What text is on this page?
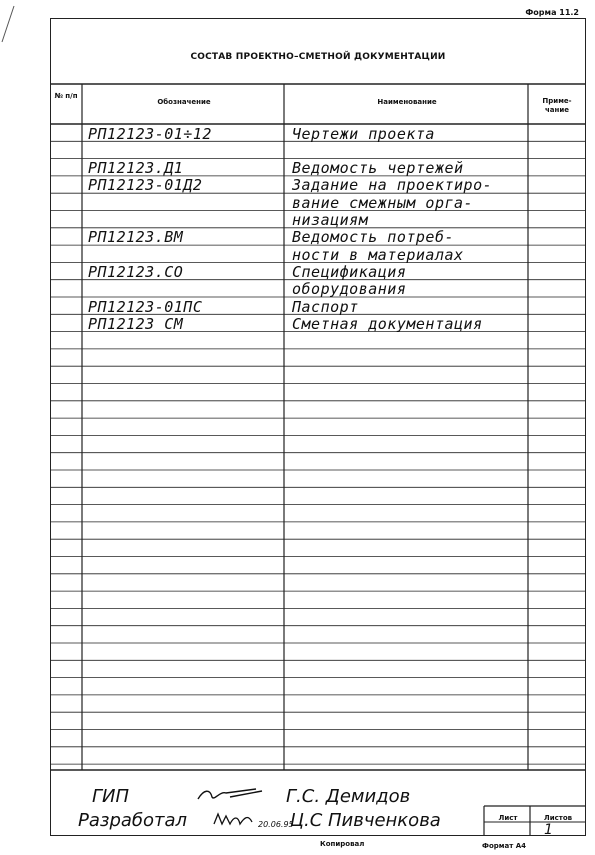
Форма 11.2
СОСТАВ ПРОЕКТНО–СМЕТНОЙ ДОКУМЕНТАЦИИ
№ п/п
Обозначение	Наименование	Приме- чание
РП12123-01÷12	Чертежи проекта
РП12123.Д1	Ведомость чертежей
РП12123-01Д2	Задание на проектиро-
вание смежным орга-
низациям
РП12123.ВМ	Ведомость потреб-
ности в материалах
РП12123.СО	Спецификация
оборудования
РП12123-01ПС	Паспорт
РП12123 СМ	Сметная документация
ГИП	Г.С. Демидов
Разработал	20.06.95
Ц.С Пивченкова	Лист	Листов
1
Копировал	Формат А4
